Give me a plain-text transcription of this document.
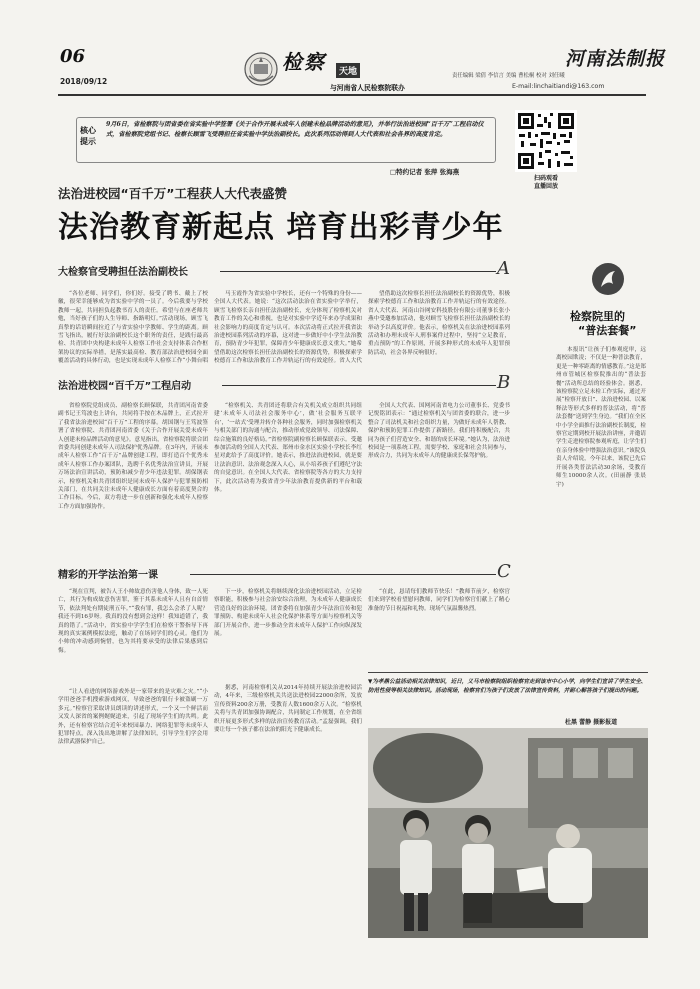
06
2018/09/12
检察	天地
与河南省人民检察院联办
河南法制报
责任编辑 梁倩 李信言 美编 曹松桐 校对 刘任曦
E-mail:linchaitiandi@163.com
核心提示
9月6日，省检察院与团省委在省实验中学签署《关于合作开展未成年人创建未检品牌活动的意见》，并举行法治进校园“百千万”工程启动仪式，省检察院党组书记、检察长顾雪飞受聘担任省实验中学法治副校长。此次系列活动得到人大代表和社会各界的高度肯定。
□特约记者 张萍 张海燕
扫码观看
直播回放
法治进校园“百千万”工程获人大代表盛赞
法治教育新起点 培育出彩青少年
大检察官受聘担任法治副校长	A

“各位老师、同学们，你们好。接受了聘书、戴上了校徽，很荣幸能够成为省实验中学的一员了。今后我要与学校教师一起，共同担负起教书育人的责任。希望与在座老师共勉，当好孩子们的人生导师、指路明灯。”活动现场，顾雪飞真挚的话语瞬间拉近了与省实验中学教师、学生的距离。顾雪飞指出，履行好法治副校长这个职务的责任，是践行最高检、共青团中央构建未成年人检察工作社会支持体系合作框架协议的实际举措，是落实最高检、教育部法治进校园全面覆盖活动的具体行动，也是实现未成年人检察工作“小舞台唱

马玉霞作为省实验中学校长，还有一个特殊的身份——全国人大代表。她说：“这次活动法治在省实验中学举行，顾雪飞检察长亲自担任法治副校长，充分体现了检察机关对教育工作的关心和重视，也是对实验中学近年来办学成果和社会影响力的高度肯定与认可。本次活动将正式拉开我省法治进校园系列活动的序幕，这对进一步做好中小学生法治教育，预防青少年犯罪，保障青少年健康成长意义重大。”她希望借助这次检察长担任法治副校长的资源优势，积极探索学校德育工作和法治教育工作并轨运行的有效途径。省人大代

望借助这次检察长担任法治副校长的资源优势，积极探索学校德育工作和法治教育工作并轨运行的有效途径。省人大代表、河南山谷网安科技股份有限公司董事长张小燕中受邀参加活动，他对顾雪飞检察长担任法治副校长的举动予以高度评价。他表示，检察机关在法治进校园系列活动和办理未成年人刑事案件过程中，坚持“立足教育，重点预防”的工作原则，开展多种形式的未成年人犯罪预防活动，社会各界反响很好。

法治进校园“百千万”工程启动	B

省检察院党组成员、副检察长顾保联，共青团河南省委副书记王笃波也上讲台，共同将手按在木品牌上，正式拉开了我省法治进校园“百千万”工程的序幕。胡国钢与王笃波签署了省检察院、共青团河南省委《关于合作开展关爱未成年人创建未检品牌活动的意见》。意见指出，省检察院将联合团省委共同创建未成年人司法保护优秀品牌。在3年内，开展未成年人检察工作“百千万”品牌创建工程，即打造百个优秀未成年人检察工作办案团队，选聘千名优秀法治宣讲员，开展万场法治宣讲活动，预防和减少青少年违法犯罪。胡保钢表示，检察机关和共青团组织是同未成年人保护与犯罪预防相关部门，在共同关注未成年人健康成长方面有着高度契合的工作目标。今后，双方将进一步在创新和强化未成年人检察工作方面加强协作。

“检察机关、共青团还将联合有关机关成立组织共同组建‘未成年人司法社会服务中心’，做‘社会服务互联平台’，‘一站式’受理并转介各种社会服务，同时加强检察机关与相关部门的沟通与配合，推动形成党政领导、司法保障、综合施策的良好格局。”省检察院副检察长顾保联表示。受邀参加活动的全国人大代表、郑州市金水区实验小学校长李红星对此给予了高度评价。她表示，推进法治进校园，就是要让法治意识、法治观念深入人心，从小培养孩子们遵纪守法的自觉意识。在全国人大代表、省检察院等各方的大力支持下，此次活动将为我省青少年法治教育提供新的平台和载体。

全国人大代表、国网河南省电力公司董事长、党委书记悦铭团表示：“通过检察机关与团省委的联合，进一步整合了司法机关和社会组织力量，为做好未成年人帮教、保护和预防犯罪工作提供了新路径。我们将积极配合，共同为孩子们营造安全、和谐的成长环境。”她认为，法治进校园是一项系统工程，需要学校、家庭和社会共同参与，形成合力，共同为未成年人的健康成长保驾护航。

精彩的开学法治第一课	C

“现在宣判，被告人王小帅故意伤害他人身体，致一人死亡，其行为构成故意伤害罪，鉴于其系未成年人且有自首情节，依法判处有期徒刑五年。”“我有罪，我怎么会杀了人呢？我还不到16岁呀。我真的没有想到会这样！我知道错了，我真的错了。”活动中，省实验中学学生们在检察干警指导下再现的真实案例模拟法庭，触动了在场同学们的心灵。他们为小帅的冲动感到惋惜，也为其将要承受的法律后果感到后悔。

“让人看进的网络游戏外是一家带来的是灾难之灾。”“小学用爸爸手机搜索游戏网页，导致爸爸的银行卡被盗刷一万多元。”检察官采取讲员朗读的讲述形式，一个又一个鲜活而又发人深省的案例娓娓道来，引起了现场学生们的共鸣。此外，还有检察官结合近年来校园暴力、网络犯罪等未成年人犯罪特点，深入浅出地讲解了法律知识，引导学生们学会用法律武器保护自己。

下一步，检察机关将继续深化法治进校园活动，立足检察职能，积极参与社会治安综合治理，为未成年人健康成长营造良好的法治环境。团省委将在加强青少年法治宣传和犯罪预防、构建未成年人社会化保护体系等方面与检察机关等部门开展合作，进一步推动全省未成年人保护工作向纵深发展。

据悉，河南检察机关从2014年持续开展法治进校园活动，4年来，三级检察机关共送法进校园22000余所，发放宣传资料200余万册，受教育人数1600余万人次。“检察机关将与共青团加强协调配合，共同制定工作规划，在全省组织开展更多形式多样的法治宣传教育活动。”孟磊强调，我们要让每一个孩子都在法治的阳光下健康成长。

“在此，恳请每们教师节快乐！”教师节前夕，检察官们来到学校看望慰问教师，同学们为检察官们献上了精心准备的节日祝福和礼物。现场气氛温馨热烈。

检察院里的
“普法套餐”

本报讯“让孩子们参观庭审，远离校园欺凌；不仅是一种普法教育，更是一种零距离的情感教育。”这是郑州市管城区检察院推出的“普法套餐”活动所总结的经验体会。据悉，该检察院立足未检工作实际，通过开展“检察开放日”、法治进校园、以案释法等形式多样的普法活动，将“普法套餐”送到学生身边。“我们在全区中小学全面推行法治副校长制度，检察官定期到校开展法治讲座，并邀请学生走进检察院参观听庭，让学生们在亲身体验中增强法治意识。”该院负责人介绍说，今年以来，该院已先后开展各类普法活动30余场，受教育师生10000余人次。(田丽静 张晨宇)

▼为孝鼎公益活动相关法律知识，近日，义马市检察院组织检察官走到该市中心小学，向学生们宣讲了学生安全、防范性侵等相关法律知识。活动现场，检察官们为孩子们发放了法律宣传资料，并耐心解答孩子们提出的问题。
杜黑 蕾静 摄影报道
